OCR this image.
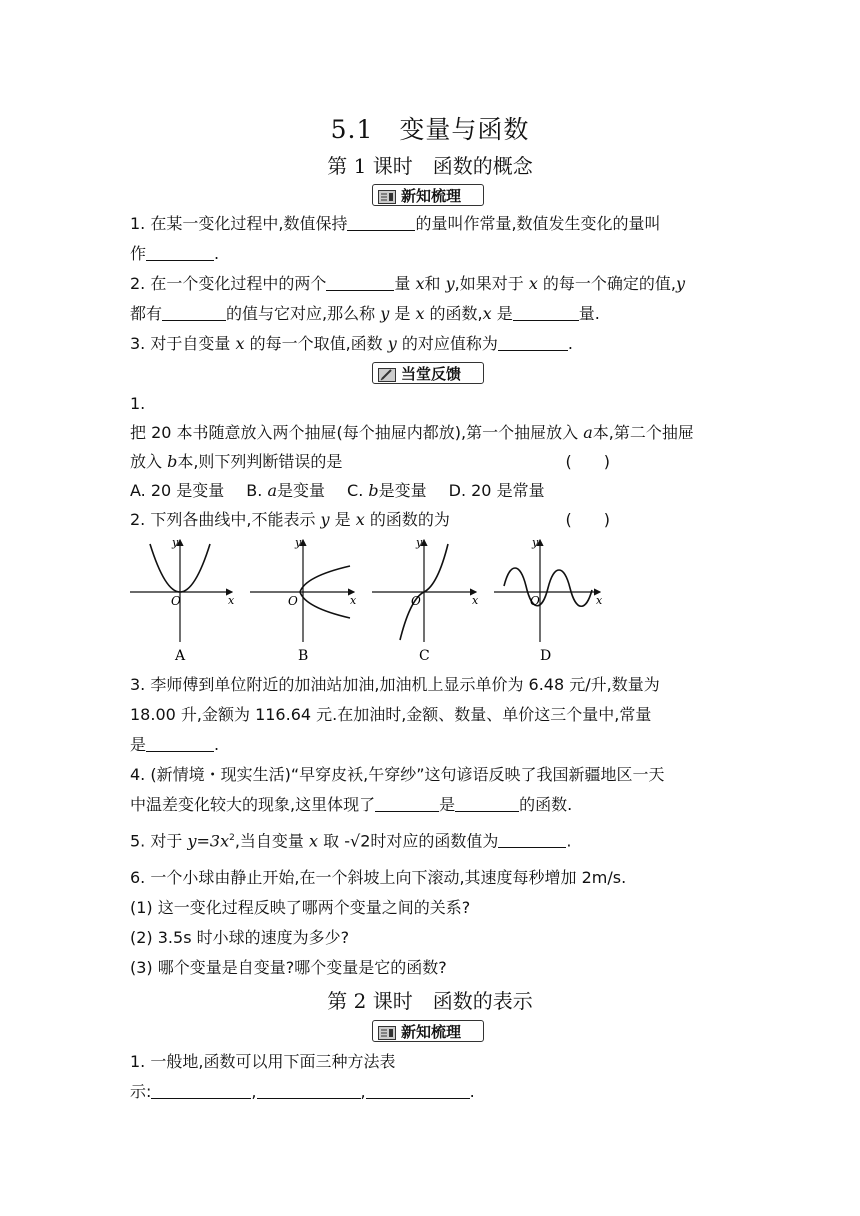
5.1　变量与函数
第 1 课时　函数的概念
新知梳理
1. 在某一变化过程中,数值保持	的量叫作常量,数值发生变化的量叫
作	.
2. 在一个变化过程中的两个	量 x和 y,如果对于 x 的每一个确定的值,y
都有	的值与它对应,那么称 y 是 x 的函数,x 是	量.
3. 对于自变量 x 的每一个取值,函数 y 的对应值称为	.
当堂反馈
1.
把 20 本书随意放入两个抽屉(每个抽屉内都放),第一个抽屉放入 a本,第二个抽屉
放入 b本,则下列判断错误的是	(　　)
A. 20 是变量 B. a是变量 C. b是变量 D. 20 是常量
2. 下列各曲线中,不能表示 y 是 x 的函数的为	(　　)
O	x
y
A
O	x
y
B
O	x
y
C
O	x
y
D
3. 李师傅到单位附近的加油站加油,加油机上显示单价为 6.48 元∕升,数量为
18.00 升,金额为 116.64 元.在加油时,金额、数量、单价这三个量中,常量
是	.
4. (新情境・现实生活)“早穿皮袄,午穿纱”这句谚语反映了我国新疆地区一天
中温差变化较大的现象,这里体现了	是	的函数.
5. 对于 $y=3x^2$,当自变量 x 取 -√2时对应的函数值为	.
6. 一个小球由静止开始,在一个斜坡上向下滚动,其速度每秒增加 2m/s.
(1) 这一变化过程反映了哪两个变量之间的关系?
(2) 3.5s 时小球的速度为多少?
(3) 哪个变量是自变量?哪个变量是它的函数?
第 2 课时　函数的表示
新知梳理
1. 一般地,函数可以用下面三种方法表
示:	,	,	.
